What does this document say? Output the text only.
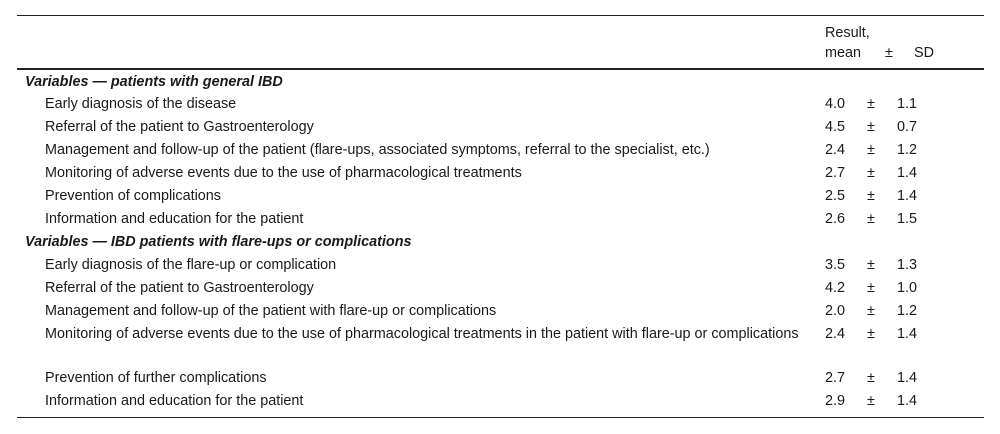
Result,
mean ± SD
Variables — patients with general IBD
Early diagnosis of the disease	4.0 ± 1.1
Referral of the patient to Gastroenterology	4.5 ± 0.7
Management and follow-up of the patient (flare-ups, associated symptoms, referral to the specialist, etc.)	2.4 ± 1.2
Monitoring of adverse events due to the use of pharmacological treatments	2.7 ± 1.4
Prevention of complications	2.5 ± 1.4
Information and education for the patient	2.6 ± 1.5
Variables — IBD patients with flare-ups or complications
Early diagnosis of the flare-up or complication	3.5 ± 1.3
Referral of the patient to Gastroenterology	4.2 ± 1.0
Management and follow-up of the patient with flare-up or complications	2.0 ± 1.2
Monitoring of adverse events due to the use of pharmacological treatments in the patient with flare-up or complications	2.4 ± 1.4
Prevention of further complications	2.7 ± 1.4
Information and education for the patient	2.9 ± 1.4
